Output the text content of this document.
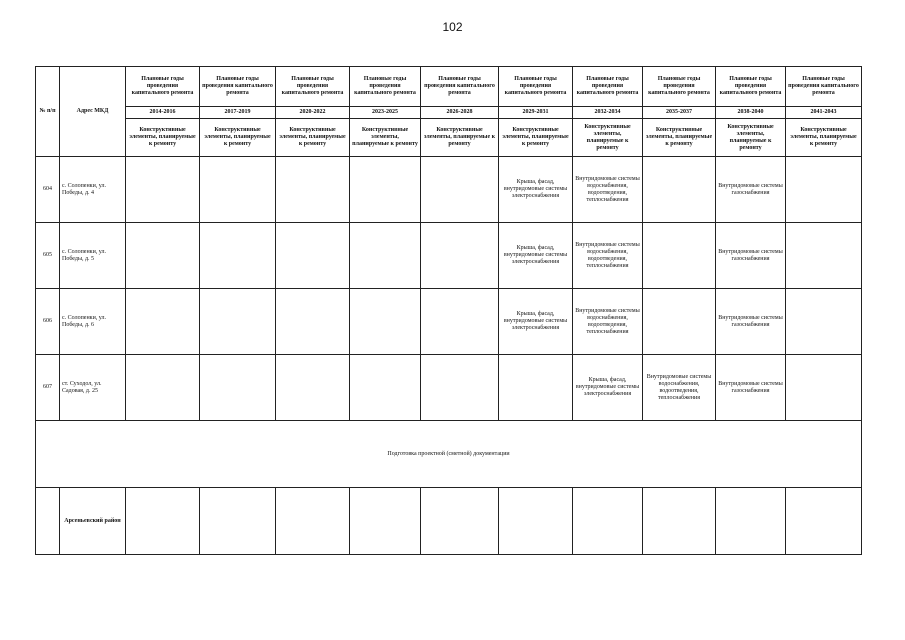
102
№ п/п	Адрес МКД	Плановые годы проведения капитального ремонта	Плановые годы проведения капитального ремонта	Плановые годы проведения капитального ремонта	Плановые годы проведения капитального ремонта	Плановые годы проведения капитального ремонта	Плановые годы проведения капитального ремонта	Плановые годы проведения капитального ремонта	Плановые годы проведения капитального ремонта	Плановые годы проведения капитального ремонта	Плановые годы проведения капитального ремонта
		2014-2016	2017-2019	2020-2022	2023-2025	2026-2028	2029-2031	2032-2034	2035-2037	2038-2040	2041-2043
		Конструктивные элементы, планируемые к ремонту	Конструктивные элементы, планируемые к ремонту	Конструктивные элементы, планируемые к ремонту	Конструктивные элементы, планируемые к ремонту	Конструктивные элементы, планируемые к ремонту	Конструктивные элементы, планируемые к ремонту	Конструктивные элементы, планируемые к ремонту	Конструктивные элементы, планируемые к ремонту	Конструктивные элементы, планируемые к ремонту	Конструктивные элементы, планируемые к ремонту
604	с. Солопенки, ул. Победы, д. 4						Крыша, фасад, внутридомовые системы электроснабжения	Внутридомовые системы водоснабжения, водоотведения, теплоснабжения		Внутридомовые системы газоснабжения	
605	с. Солопенки, ул. Победы, д. 5						Крыша, фасад, внутридомовые системы электроснабжения	Внутридомовые системы водоснабжения, водоотведения, теплоснабжения		Внутридомовые системы газоснабжения	
606	с. Солопенки, ул. Победы, д. 6						Крыша, фасад, внутридомовые системы электроснабжения	Внутридомовые системы водоснабжения, водоотведения, теплоснабжения		Внутридомовые системы газоснабжения	
607	ст. Суходол, ул. Садовая, д. 25							Крыша, фасад, внутридомовые системы электроснабжения	Внутридомовые системы водоснабжения, водоотведения, теплоснабжения	Внутридомовые системы газоснабжения	
Подготовка проектной (сметной) документации											
	Арсеньевский район										
